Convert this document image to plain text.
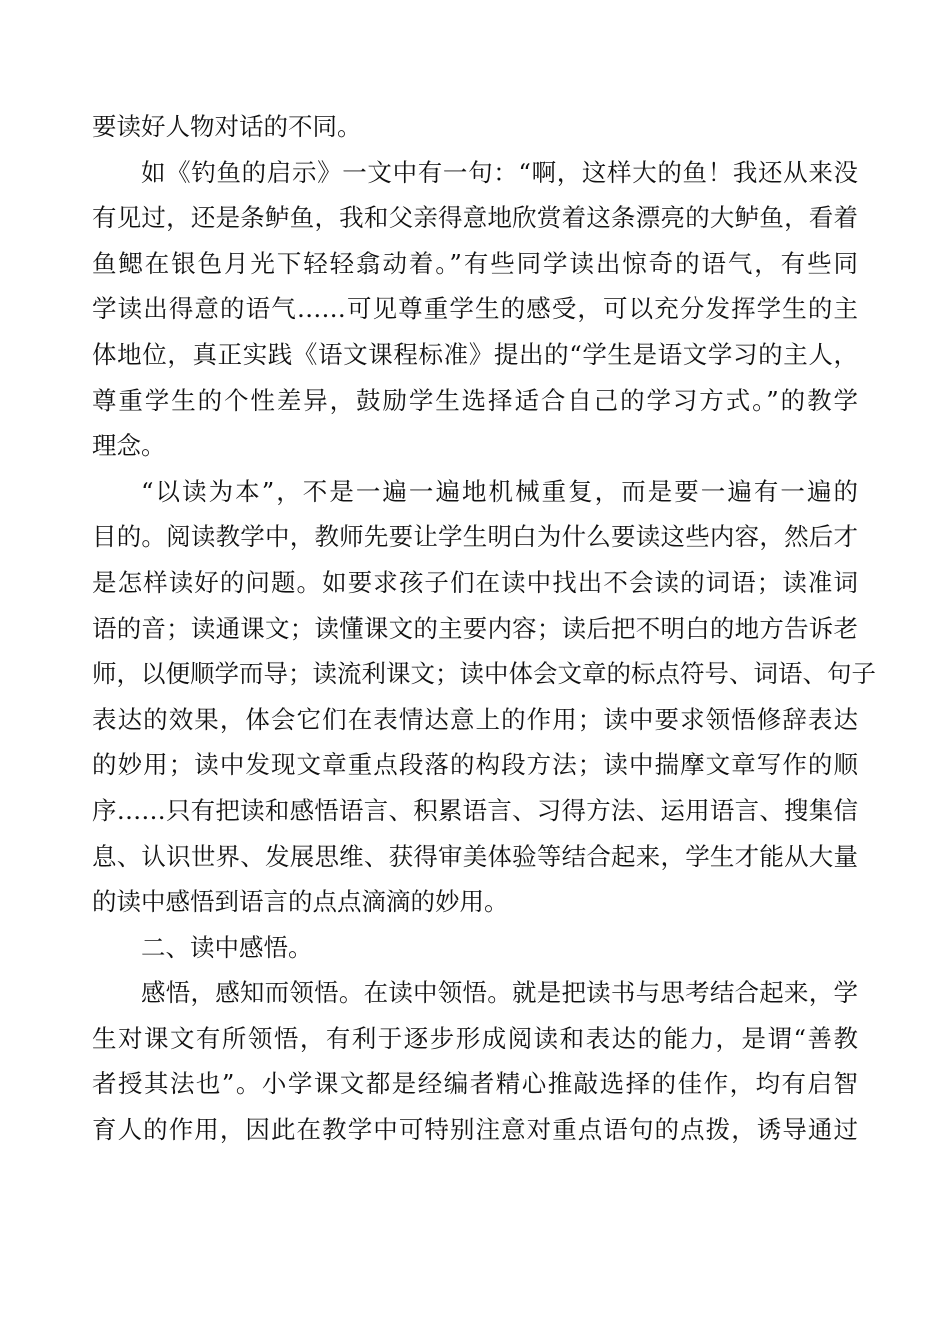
要读好人物对话的不同。
如《钓鱼的启示》一文中有一句：“啊，这样大的鱼！我还从来没
有见过，还是条鲈鱼，我和父亲得意地欣赏着这条漂亮的大鲈鱼，看着
鱼鳃在银色月光下轻轻翕动着。”有些同学读出惊奇的语气，有些同
学读出得意的语气……可见尊重学生的感受，可以充分发挥学生的主
体地位，真正实践《语文课程标准》提出的“学生是语文学习的主人，
尊重学生的个性差异，鼓励学生选择适合自己的学习方式。”的教学
理念。
“以读为本”，不是一遍一遍地机械重复，而是要一遍有一遍的
目的。阅读教学中，教师先要让学生明白为什么要读这些内容，然后才
是怎样读好的问题。如要求孩子们在读中找出不会读的词语；读准词
语的音；读通课文；读懂课文的主要内容；读后把不明白的地方告诉老
师，以便顺学而导；读流利课文；读中体会文章的标点符号、词语、句子
表达的效果，体会它们在表情达意上的作用；读中要求领悟修辞表达
的妙用；读中发现文章重点段落的构段方法；读中揣摩文章写作的顺
序……只有把读和感悟语言、积累语言、习得方法、运用语言、搜集信
息、认识世界、发展思维、获得审美体验等结合起来，学生才能从大量
的读中感悟到语言的点点滴滴的妙用。
二、读中感悟。
感悟，感知而领悟。在读中领悟。就是把读书与思考结合起来，学
生对课文有所领悟，有利于逐步形成阅读和表达的能力，是谓“善教
者授其法也”。小学课文都是经编者精心推敲选择的佳作，均有启智
育人的作用，因此在教学中可特别注意对重点语句的点拨，诱导通过
